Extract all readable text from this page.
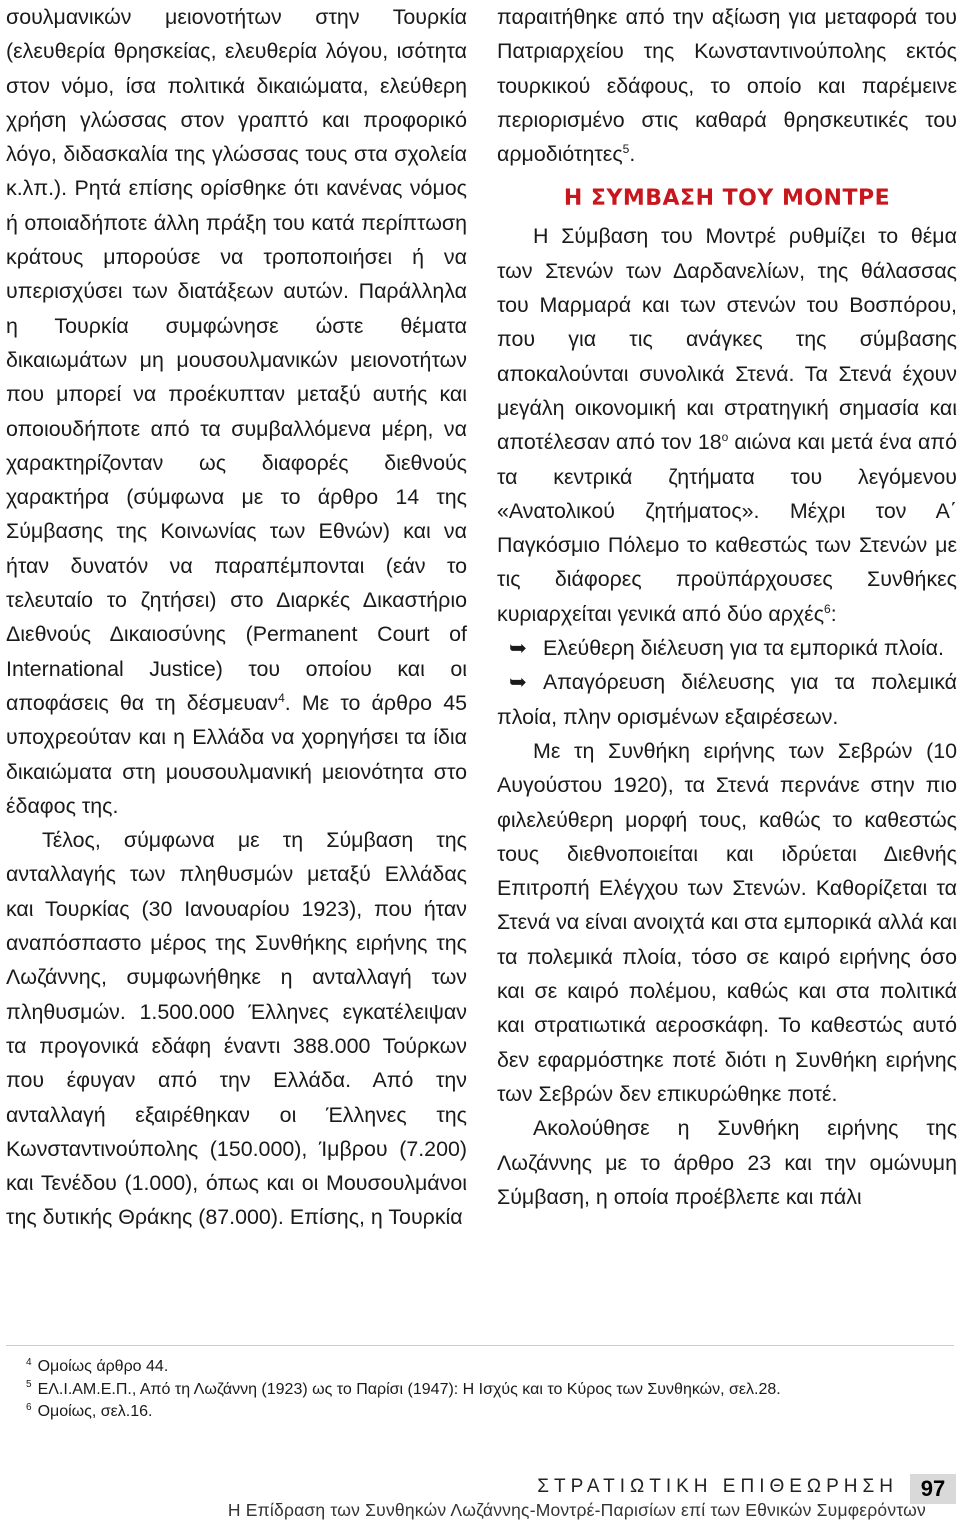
σουλμανικών μειονοτήτων στην Τουρκία (ελευθερία θρησκείας, ελευθερία λόγου, ισότητα στον νόμο, ίσα πολιτικά δικαιώματα, ελεύθερη χρήση γλώσσας στον γραπτό και προφορικό λόγο, διδασκαλία της γλώσσας τους στα σχολεία κ.λπ.). Ρητά επίσης ορίσθηκε ότι κανένας νόμος ή οποιαδήποτε άλλη πράξη του κατά περίπτωση κράτους μπορούσε να τροποποιήσει ή να υπερισχύσει των διατάξεων αυτών. Παράλληλα η Τουρκία συμφώνησε ώστε θέματα δικαιωμάτων μη μουσουλμανικών μειονοτήτων που μπορεί να προέκυπταν μεταξύ αυτής και οποιουδήποτε από τα συμβαλλόμενα μέρη, να χαρακτηρίζονταν ως διαφορές διεθνούς χαρακτήρα (σύμφωνα με το άρθρο 14 της Σύμβασης της Κοινωνίας των Εθνών) και να ήταν δυνατόν να παραπέμπονται (εάν το τελευταίο το ζητήσει) στο Διαρκές Δικαστήριο Διεθνούς Δικαιοσύνης (Permanent Court of International Justice) του οποίου και οι αποφάσεις θα τη δέσμευαν$^4$. Με το άρθρο 45 υποχρεούταν και η Ελλάδα να χορηγήσει τα ίδια δικαιώματα στη μουσουλμανική μειονότητα στο έδαφος της.

Τέλος, σύμφωνα με τη Σύμβαση της ανταλλαγής των πληθυσμών μεταξύ Ελλάδας και Τουρκίας (30 Ιανουαρίου 1923), που ήταν αναπόσπαστο μέρος της Συνθήκης ειρήνης της Λωζάννης, συμφωνήθηκε η ανταλλαγή των πληθυσμών. 1.500.000 Έλληνες εγκατέλειψαν τα προγονικά εδάφη έναντι 388.000 Τούρκων που έφυγαν από την Ελλάδα. Από την ανταλλαγή εξαιρέθηκαν οι Έλληνες της Κωνσταντινούπολης (150.000), Ίμβρου (7.200) και Τενέδου (1.000), όπως και οι Μουσουλμάνοι της δυτικής Θράκης (87.000). Επίσης, η Τουρκία

παραιτήθηκε από την αξίωση για μεταφορά του Πατριαρχείου της Κωνσταντινούπολης εκτός τουρκικού εδάφους, το οποίο και παρέμεινε περιορισμένο στις καθαρά θρησκευτικές του αρμοδιότητες$^5$.

Η ΣΥΜΒΑΣΗ ΤΟΥ ΜΟΝΤΡΕ

Η Σύμβαση του Μοντρέ ρυθμίζει το θέμα των Στενών των Δαρδανελίων, της θάλασσας του Μαρμαρά και των στενών του Βοσπόρου, που για τις ανάγκες της σύμβασης αποκαλούνται συνολικά Στενά. Τα Στενά έχουν μεγάλη οικονομική και στρατηγική σημασία και αποτέλεσαν από τον $18^o$ αιώνα και μετά ένα από τα κεντρικά ζητήματα του λεγόμενου «Ανατολικού ζητήματος». Μέχρι τον Α΄ Παγκόσμιο Πόλεμο το καθεστώς των Στενών με τις διάφορες προϋπάρχουσες Συνθήκες κυριαρχείται γενικά από δύο αρχές$^6$:

➥ Ελεύθερη διέλευση για τα εμπορικά πλοία.

➥ Απαγόρευση διέλευσης για τα πολεμικά πλοία, πλην ορισμένων εξαιρέσεων.

Με τη Συνθήκη ειρήνης των Σεβρών (10 Αυγούστου 1920), τα Στενά περνάνε στην πιο φιλελεύθερη μορφή τους, καθώς το καθεστώς τους διεθνοποιείται και ιδρύεται Διεθνής Επιτροπή Ελέγχου των Στενών. Καθορίζεται τα Στενά να είναι ανοιχτά και στα εμπορικά αλλά και τα πολεμικά πλοία, τόσο σε καιρό ειρήνης όσο και σε καιρό πολέμου, καθώς και στα πολιτικά και στρατιωτικά αεροσκάφη. Το καθεστώς αυτό δεν εφαρμόστηκε ποτέ διότι η Συνθήκη ειρήνης των Σεβρών δεν επικυρώθηκε ποτέ.

Ακολούθησε η Συνθήκη ειρήνης της Λωζάννης με το άρθρο 23 και την ομώνυμη Σύμβαση, η οποία προέβλεπε και πάλι

$^4$ Ομοίως άρθρο 44.
$^5$ ΕΛ.Ι.ΑΜ.Ε.Π., Από τη Λωζάννη (1923) ως το Παρίσι (1947): Η Ισχύς και το Κύρος των Συνθηκών, σελ.28.
$^6$ Ομοίως, σελ.16.
ΣΤΡΑΤΙΩΤΙΚΗ ΕΠΙΘΕΩΡΗΣΗ	97
Η Επίδραση των Συνθηκών Λωζάννης-Μοντρέ-Παρισίων επί των Εθνικών Συμφερόντων
